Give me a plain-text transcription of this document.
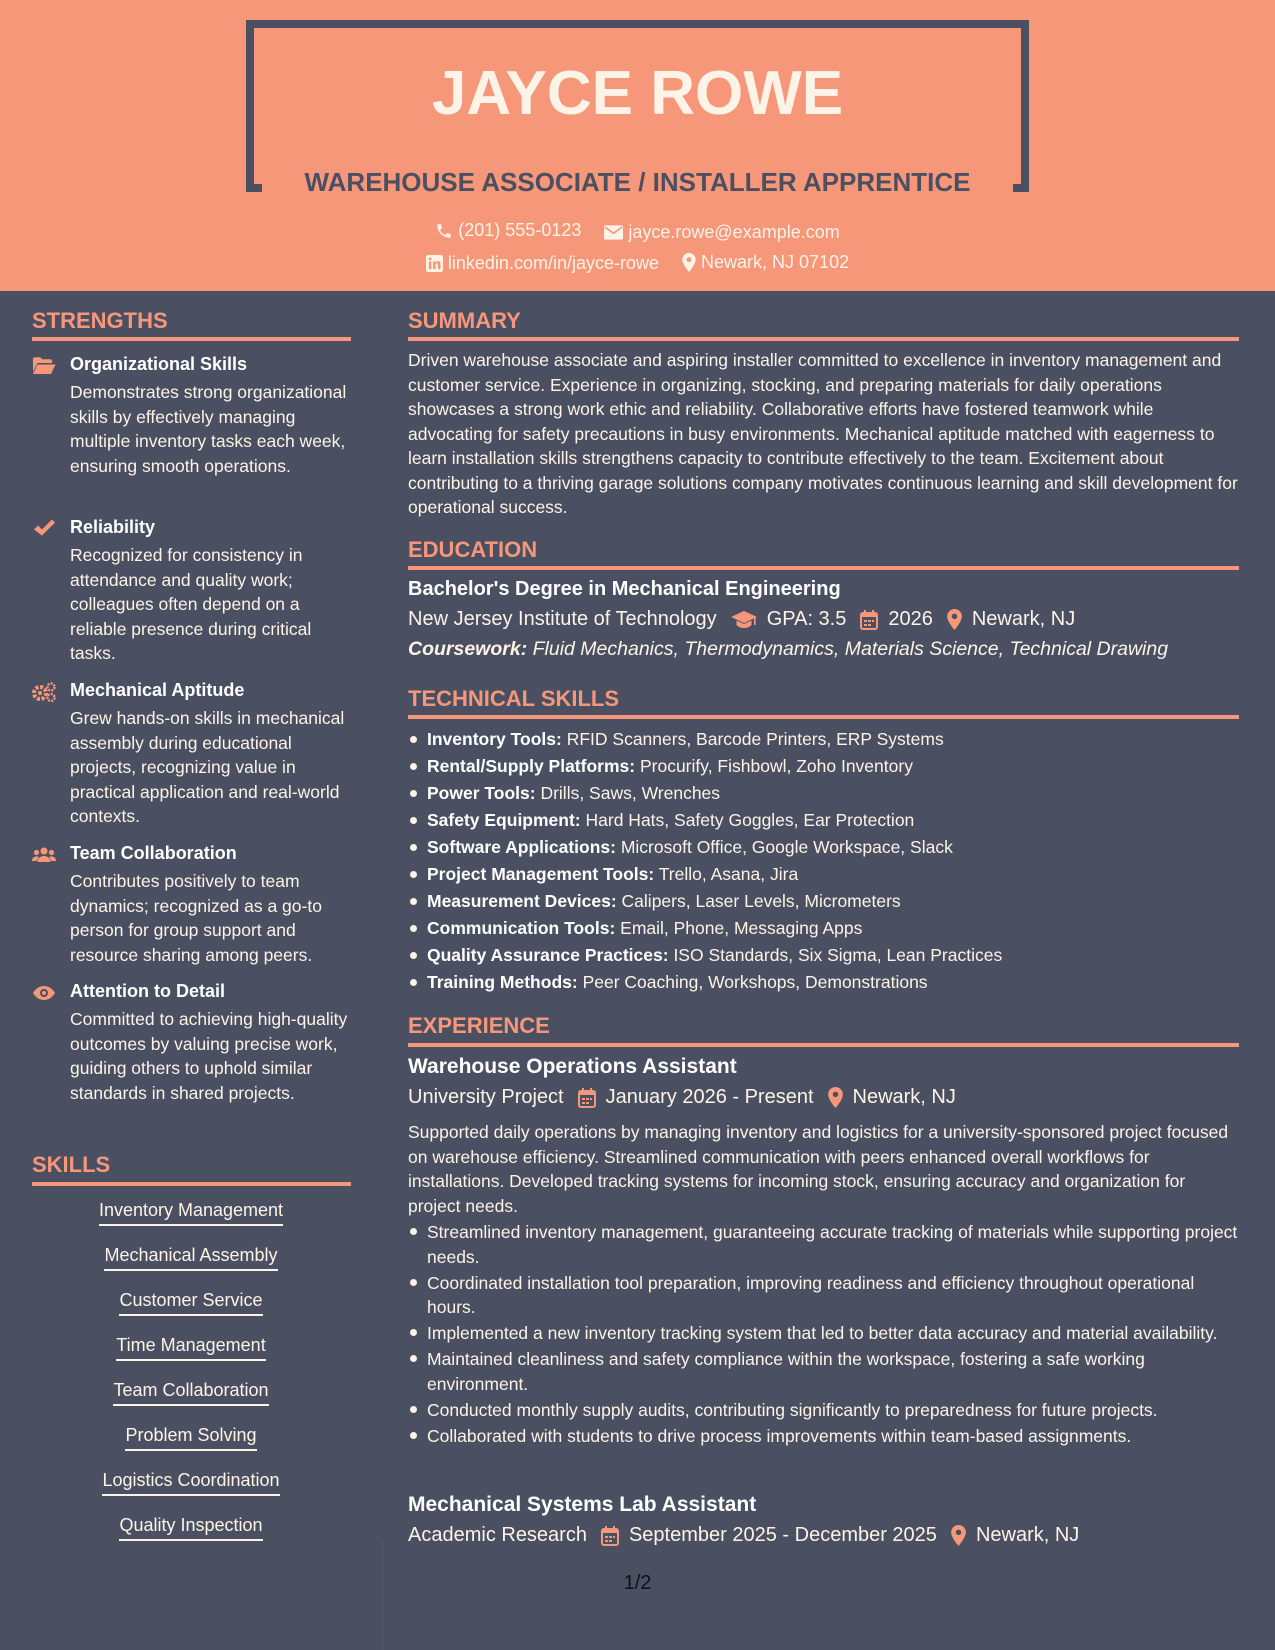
JAYCE ROWE
WAREHOUSE ASSOCIATE / INSTALLER APPRENTICE
(201) 555-0123
	jayce.rowe@example.com
linkedin.com/in/jayce-rowe
Newark, NJ 07102
STRENGTHS
Organizational Skills
Demonstrates strong organizational skills by effectively managing multiple inventory tasks each week, ensuring smooth operations.
Reliability
Recognized for consistency in attendance and quality work; colleagues often depend on a reliable presence during critical tasks.
Mechanical Aptitude
Grew hands-on skills in mechanical assembly during educational projects, recognizing value in practical application and real-world contexts.
Team Collaboration
Contributes positively to team dynamics; recognized as a go-to person for group support and resource sharing among peers.
Attention to Detail
Committed to achieving high-quality outcomes by valuing precise work, guiding others to uphold similar standards in shared projects.
SKILLS
Inventory Management
Mechanical Assembly
Customer Service
Time Management
Team Collaboration
Problem Solving
Logistics Coordination
Quality Inspection
SUMMARY
Driven warehouse associate and aspiring installer committed to excellence in inventory management and customer service. Experience in organizing, stocking, and preparing materials for daily operations showcases a strong work ethic and reliability. Collaborative efforts have fostered teamwork while advocating for safety precautions in busy environments. Mechanical aptitude matched with eagerness to learn installation skills strengthens capacity to contribute effectively to the team. Excitement about contributing to a thriving garage solutions company motivates continuous learning and skill development for operational success.
EDUCATION
Bachelor's Degree in Mechanical Engineering
New Jersey Institute of Technology	GPA: 3.5 2026 Newark, NJ
Coursework: Fluid Mechanics, Thermodynamics, Materials Science, Technical Drawing
TECHNICAL SKILLS
Inventory Tools: RFID Scanners, Barcode Printers, ERP Systems
Rental/Supply Platforms: Procurify, Fishbowl, Zoho Inventory
Power Tools: Drills, Saws, Wrenches
Safety Equipment: Hard Hats, Safety Goggles, Ear Protection
Software Applications: Microsoft Office, Google Workspace, Slack
Project Management Tools: Trello, Asana, Jira
Measurement Devices: Calipers, Laser Levels, Micrometers
Communication Tools: Email, Phone, Messaging Apps
Quality Assurance Practices: ISO Standards, Six Sigma, Lean Practices
Training Methods: Peer Coaching, Workshops, Demonstrations
EXPERIENCE
Warehouse Operations Assistant
University Project January 2026 - Present Newark, NJ
Supported daily operations by managing inventory and logistics for a university-sponsored project focused on warehouse efficiency. Streamlined communication with peers enhanced overall workflows for installations. Developed tracking systems for incoming stock, ensuring accuracy and organization for project needs.
Streamlined inventory management, guaranteeing accurate tracking of materials while supporting project needs.
Coordinated installation tool preparation, improving readiness and efficiency throughout operational hours.
Implemented a new inventory tracking system that led to better data accuracy and material availability.
Maintained cleanliness and safety compliance within the workspace, fostering a safe working environment.
Conducted monthly supply audits, contributing significantly to preparedness for future projects.
Collaborated with students to drive process improvements within team-based assignments.
Mechanical Systems Lab Assistant
Academic Research September 2025 - December 2025 Newark, NJ
1/2
